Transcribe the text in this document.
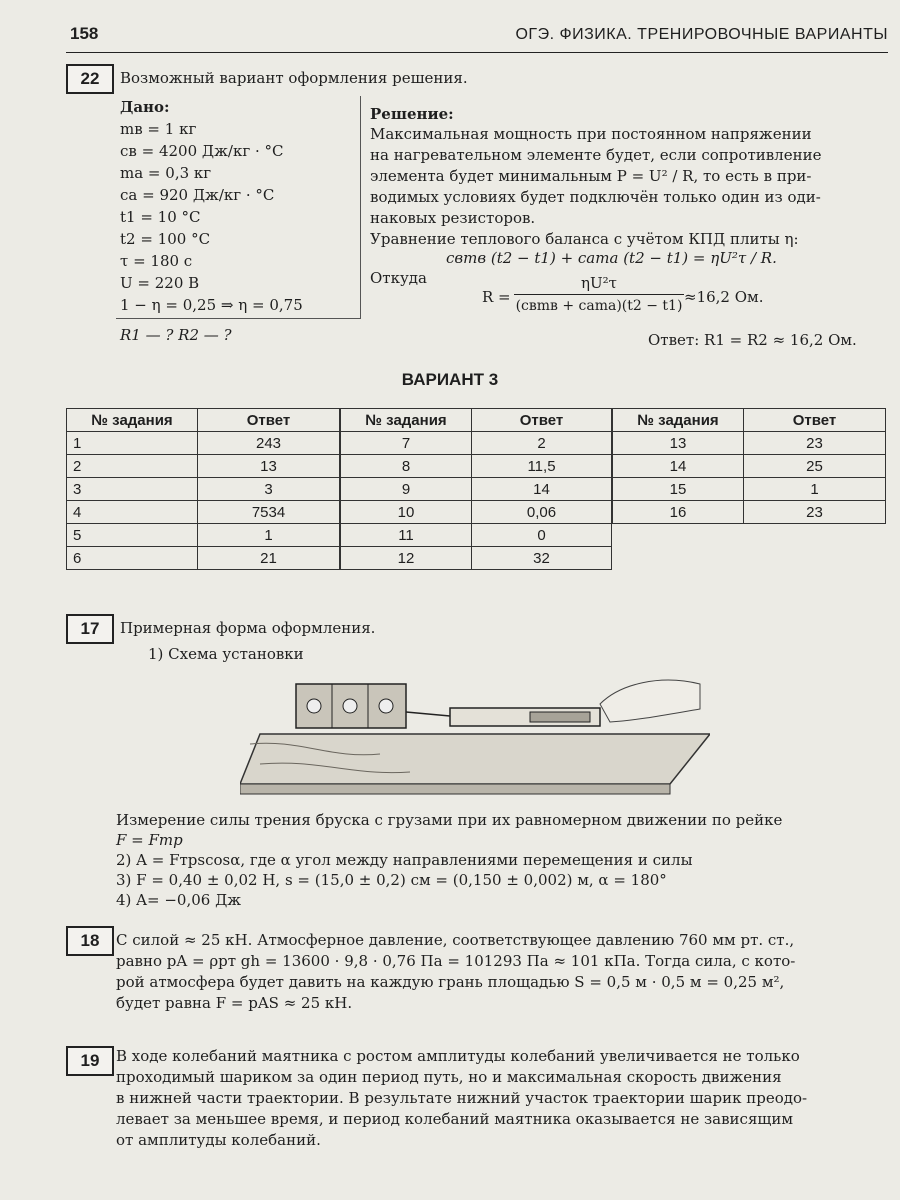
158	ОГЭ. ФИЗИКА. ТРЕНИРОВОЧНЫЕ ВАРИАНТЫ
22	Возможный вариант оформления решения.
Дано:
mв = 1 кг
cв = 4200 Дж/кг · °С
mа = 0,3 кг
cа = 920 Дж/кг · °С
t1 = 10 °С
t2 = 100 °С
τ = 180 с
U = 220 В
1 − η = 0,25 ⇒ η = 0,75
R1 — ? R2 — ?
Решение:
Максимальная мощность при постоянном напряжении
на нагревательном элементе будет, если сопротивление
элемента будет минимальным P = U² / R, то есть в при-
водимых условиях будет подключён только один из оди-
наковых резисторов.
Уравнение теплового баланса с учётом КПД плиты η:
cвmв (t2 − t1) + cаmа (t2 − t1) = ηU²τ / R.
Откуда
R =
ηU²τ
(cвmв + cаmа)(t2 − t1) ≈16,2 Ом.
Ответ: R1 = R2 ≈ 16,2 Ом.
ВАРИАНТ 3
№ задания	Ответ
1	243
2	13
3	3
4	7534
5	1
6	21
№ задания	Ответ
7	2
8	11,5
9	14
10	0,06
11	0
12	32
№ задания	Ответ
13	23
14	25
15	1
16	23
17	Примерная форма оформления.
1) Схема установки
Измерение силы трения бруска с грузами при их равномерном движении по рейке
F = Fтр
2) A = Fтрscosα, где α угол между направлениями перемещения и силы
3) F = 0,40 ± 0,02 Н, s = (15,0 ± 0,2) см = (0,150 ± 0,002) м, α = 180°
4) A= −0,06 Дж
18	С силой ≈ 25 кН. Атмосферное давление, соответствующее давлению 760 мм рт. ст.,
равно pA = ρрт gh = 13600 · 9,8 · 0,76 Па = 101293 Па ≈ 101 кПа. Тогда сила, с кото-
рой атмосфера будет давить на каждую грань площадью S = 0,5 м · 0,5 м = 0,25 м²,
будет равна F = pAS ≈ 25 кН.
19	В ходе колебаний маятника с ростом амплитуды колебаний увеличивается не только
проходимый шариком за один период путь, но и максимальная скорость движения
в нижней части траектории. В результате нижний участок траектории шарик преодо-
левает за меньшее время, и период колебаний маятника оказывается не зависящим
от амплитуды колебаний.
